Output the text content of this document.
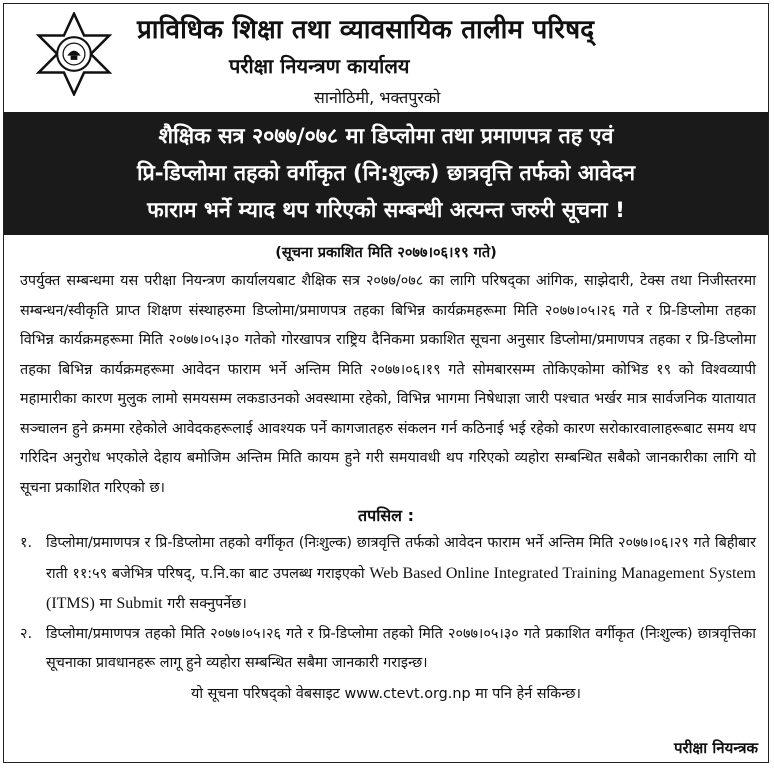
प्राविधिक शिक्षा तथा व्यावसायिक तालीम परिषद्
परीक्षा नियन्त्रण कार्यालय
सानोठिमी, भक्तपुरको
शैक्षिक सत्र २०७७/०७८ मा डिप्लोमा तथा प्रमाणपत्र तह एवं
प्रि-डिप्लोमा तहको वर्गीकृत (नि:शुल्क) छात्रवृत्ति तर्फको आवेदन
फाराम भर्ने म्याद थप गरिएको सम्बन्धी अत्यन्त जरुरी सूचना !
(सूचना प्रकाशित मिति २०७७।०६।१९ गते)
उपर्युक्त सम्बन्धमा यस परीक्षा नियन्त्रण कार्यालयबाट शैक्षिक सत्र २०७७/०७८ का लागि परिषद्का आंगिक, साझेदारी, टेक्स तथा निजीस्तरमा सम्बन्धन/स्वीकृति प्राप्त शिक्षण संस्थाहरुमा डिप्लोमा/प्रमाणपत्र तहका बिभिन्न कार्यक्रमहरूमा मिति २०७७।०५।२६ गते र प्रि-डिप्लोमा तहका विभिन्न कार्यक्रमहरूमा मिति २०७७।०५।३० गतेको गोरखापत्र राष्ट्रिय दैनिकमा प्रकाशित सूचना अनुसार डिप्लोमा/प्रमाणपत्र तहका र प्रि-डिप्लोमा तहका बिभिन्न कार्यक्रमहरूमा आवेदन फाराम भर्ने अन्तिम मिति २०७७।०६।१९ गते सोमबारसम्म तोकिएकोमा कोभिड १९ को विश्वव्यापी महामारीका कारण मुलुक लामो समयसम्म लकडाउनको अवस्थामा रहेको, विभिन्न भागमा निषेधाज्ञा जारी पश्चात भर्खर मात्र सार्वजनिक यातायात सञ्चालन हुने क्रममा रहेकोले आवेदकहरूलाई आवश्यक पर्ने कागजातहरु संकलन गर्न कठिनाई भई रहेको कारण सरोकारवालाहरूबाट समय थप गरिदिन अनुरोध भएकोले देहाय बमोजिम अन्तिम मिति कायम हुने गरी समयावधी थप गरिएको व्यहोरा सम्बन्धित सबैको जानकारीका लागि यो सूचना प्रकाशित गरिएको छ।
तपसिल :
१. डिप्लोमा/प्रमाणपत्र र प्रि-डिप्लोमा तहको वर्गीकृत (निःशुल्क) छात्रवृत्ति तर्फको आवेदन फाराम भर्ने अन्तिम मिति २०७७।०६।२९ गते बिहीबार राती ११:५९ बजेभित्र परिषद्, प.नि.का बाट उपलब्ध गराइएको Web Based Online Integrated Training Management System (ITMS) मा Submit गरी सक्नुपर्नेछ।
२. डिप्लोमा/प्रमाणपत्र तहको मिति २०७७।०५।२६ गते र प्रि-डिप्लोमा तहको मिति २०७७।०५।३० गते प्रकाशित वर्गीकृत (निःशुल्क) छात्रवृत्तिका सूचनाका प्रावधानहरू लागू हुने व्यहोरा सम्बन्धित सबैमा जानकारी गराइन्छ।
यो सूचना परिषद्को वेबसाइट www.ctevt.org.np मा पनि हेर्न सकिन्छ।
परीक्षा नियन्त्रक
